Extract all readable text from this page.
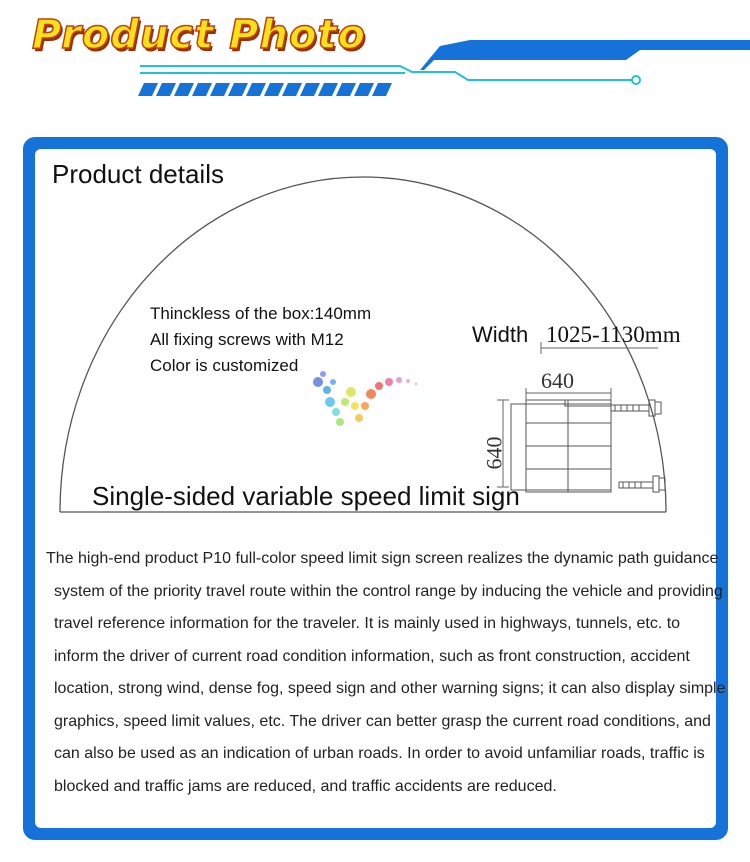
Product Photo
Product details
Thinckless of the box:140mm
All fixing screws with M12
Color is customized
Width 1025-1130mm
640
640
Single-sided variable speed limit sign
The high-end product P10 full-color speed limit sign screen realizes the dynamic path guidance system of the priority travel route within the control range by inducing the vehicle and providing travel reference information for the traveler. It is mainly used in highways, tunnels, etc. to inform the driver of current road condition information, such as front construction, accident location, strong wind, dense fog, speed sign and other warning signs; it can also display simple graphics, speed limit values, etc. The driver can better grasp the current road conditions, and can also be used as an indication of urban roads. In order to avoid unfamiliar roads, traffic is blocked and traffic jams are reduced, and traffic accidents are reduced.
